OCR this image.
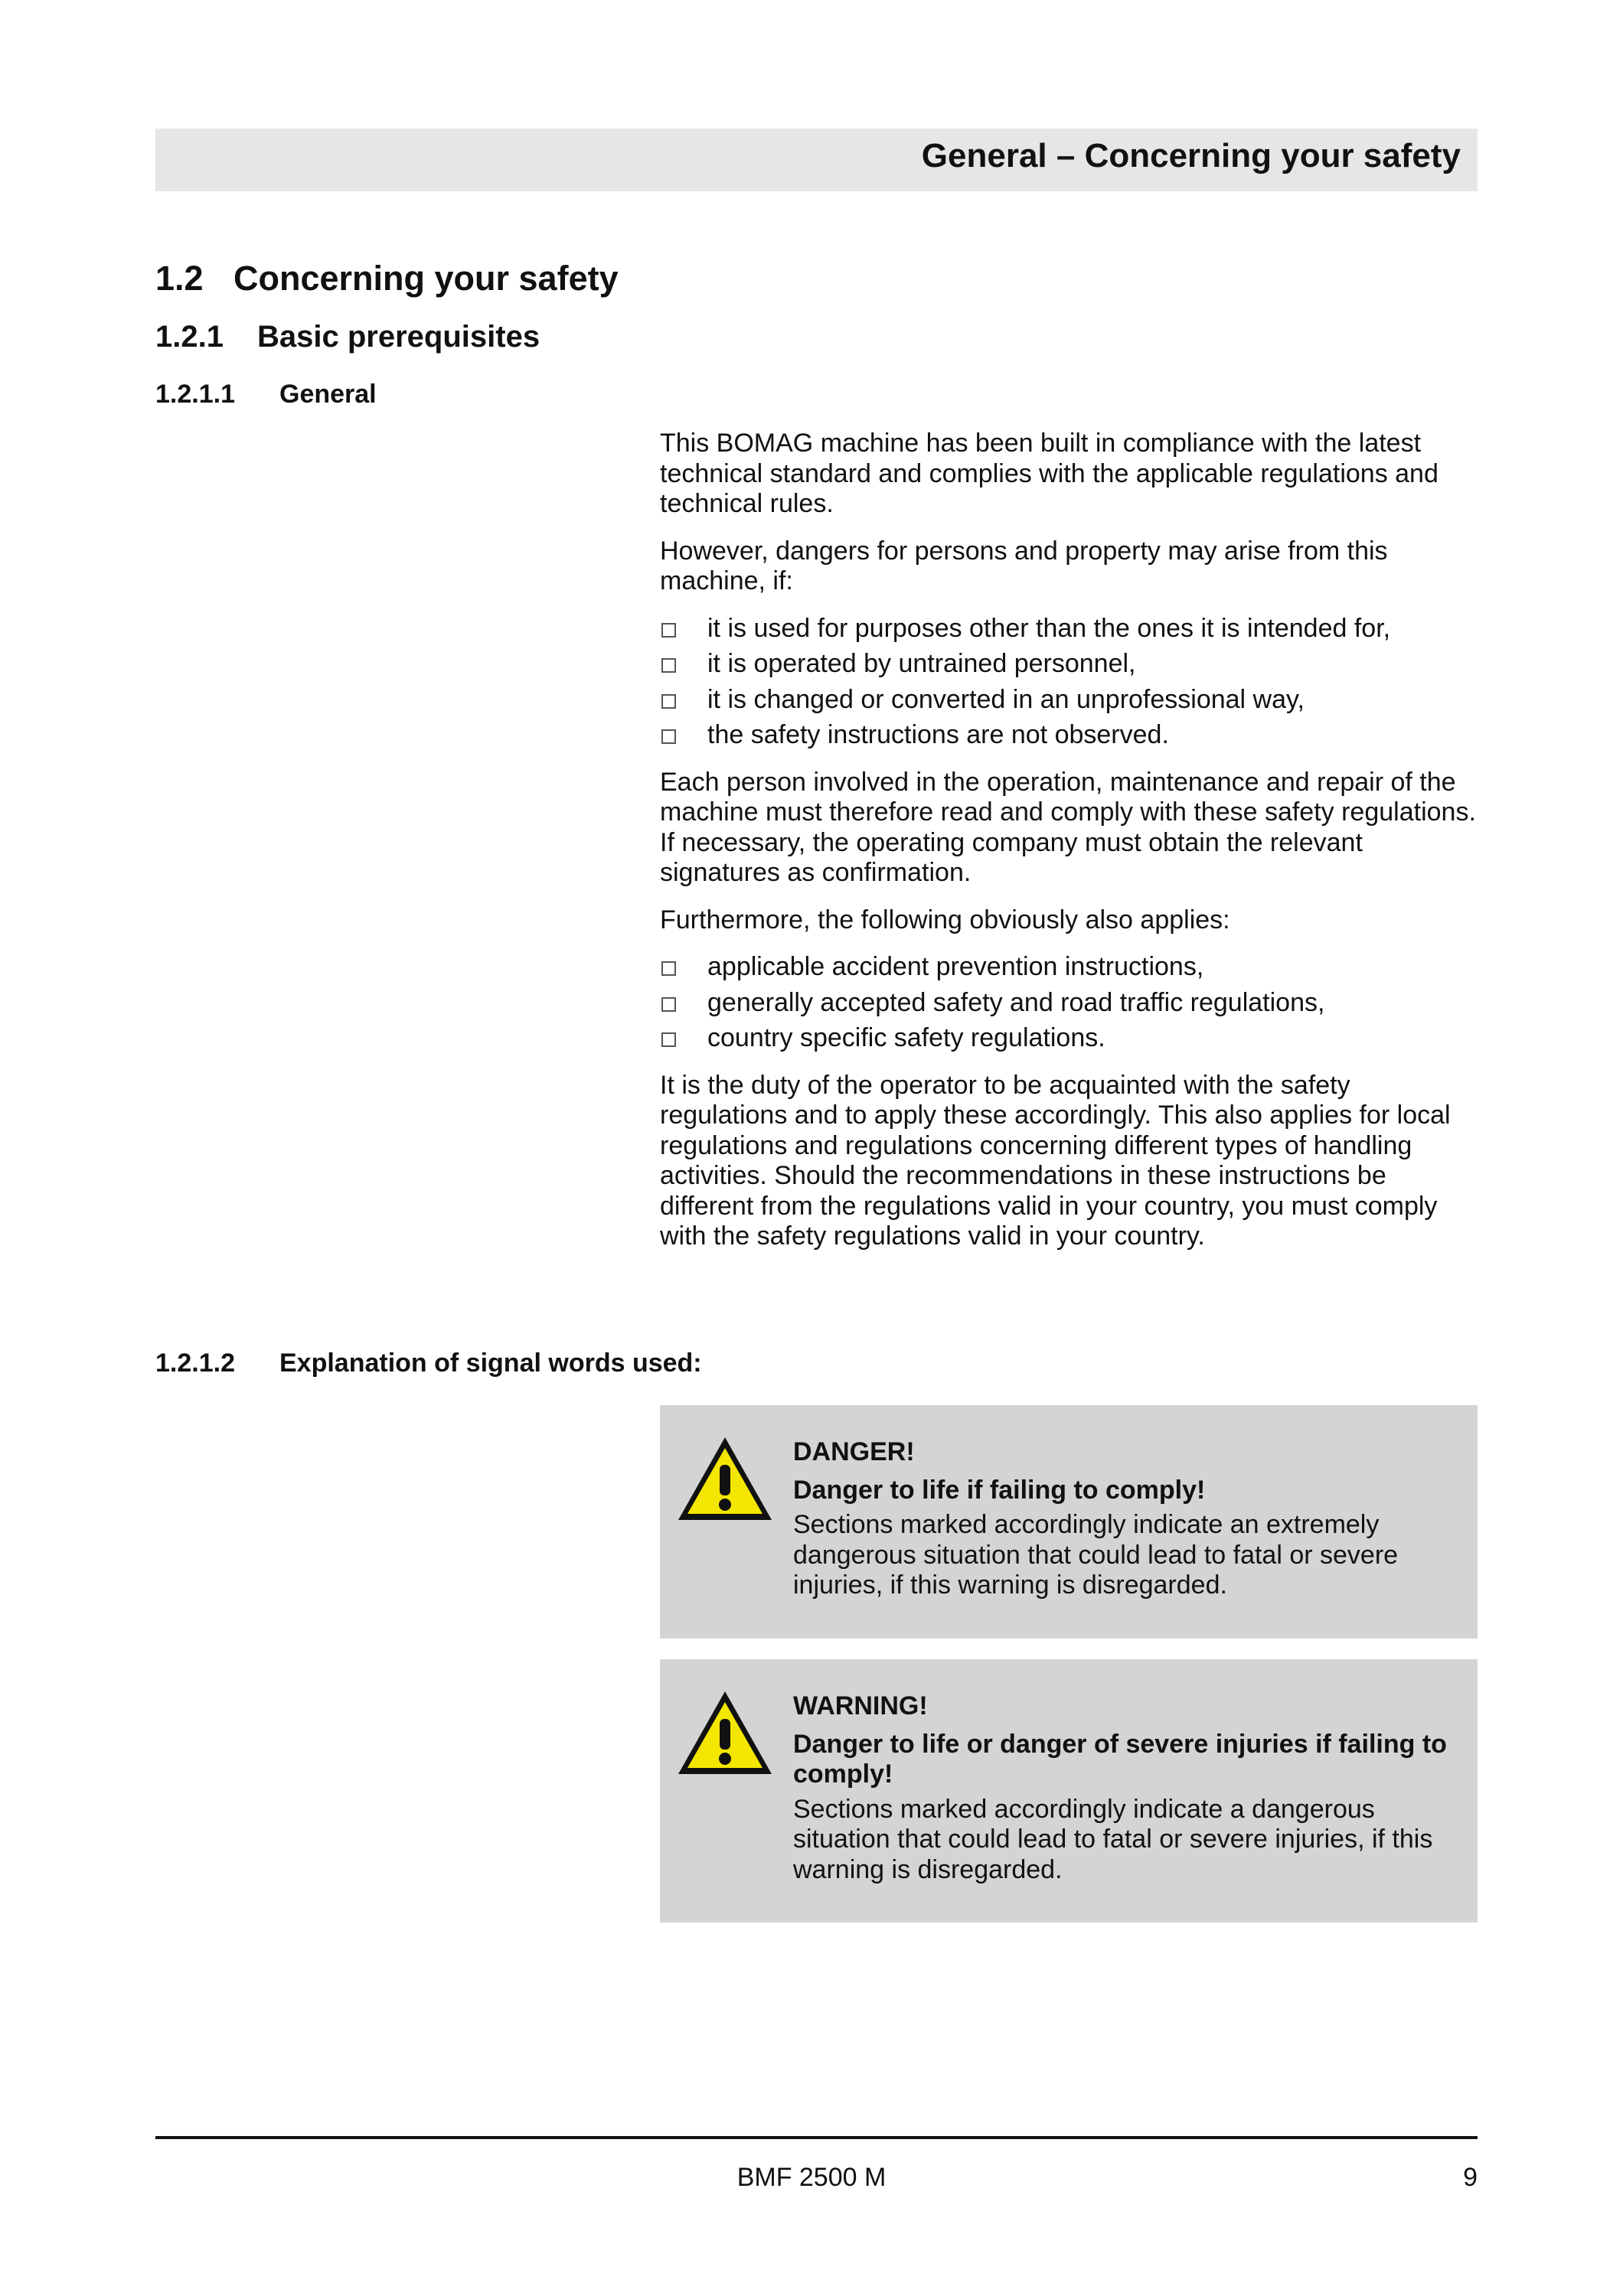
General – Concerning your safety
1.2 Concerning your safety
1.2.1 Basic prerequisites
1.2.1.1 General

This BOMAG machine has been built in compliance with the latest technical standard and complies with the applicable regulations and technical rules.

However, dangers for persons and property may arise from this machine, if:

it is used for purposes other than the ones it is intended for,
it is operated by untrained personnel,
it is changed or converted in an unprofessional way,
the safety instructions are not observed.

Each person involved in the operation, maintenance and repair of the machine must therefore read and comply with these safety regulations. If necessary, the operating company must obtain the relevant signatures as confirmation.

Furthermore, the following obviously also applies:

applicable accident prevention instructions,
generally accepted safety and road traffic regulations,
country specific safety regulations.

It is the duty of the operator to be acquainted with the safety regulations and to apply these accordingly. This also applies for local regulations and regulations concerning different types of handling activities. Should the recommendations in these instructions be different from the regulations valid in your country, you must comply with the safety regulations valid in your country.

1.2.1.2 Explanation of signal words used:
DANGER!
Danger to life if failing to comply!
Sections marked accordingly indicate an extremely dangerous situation that could lead to fatal or severe injuries, if this warning is disregarded.
WARNING!
Danger to life or danger of severe injuries if failing to comply!
Sections marked accordingly indicate a dangerous situation that could lead to fatal or severe injuries, if this warning is disregarded.
BMF 2500 M	9
